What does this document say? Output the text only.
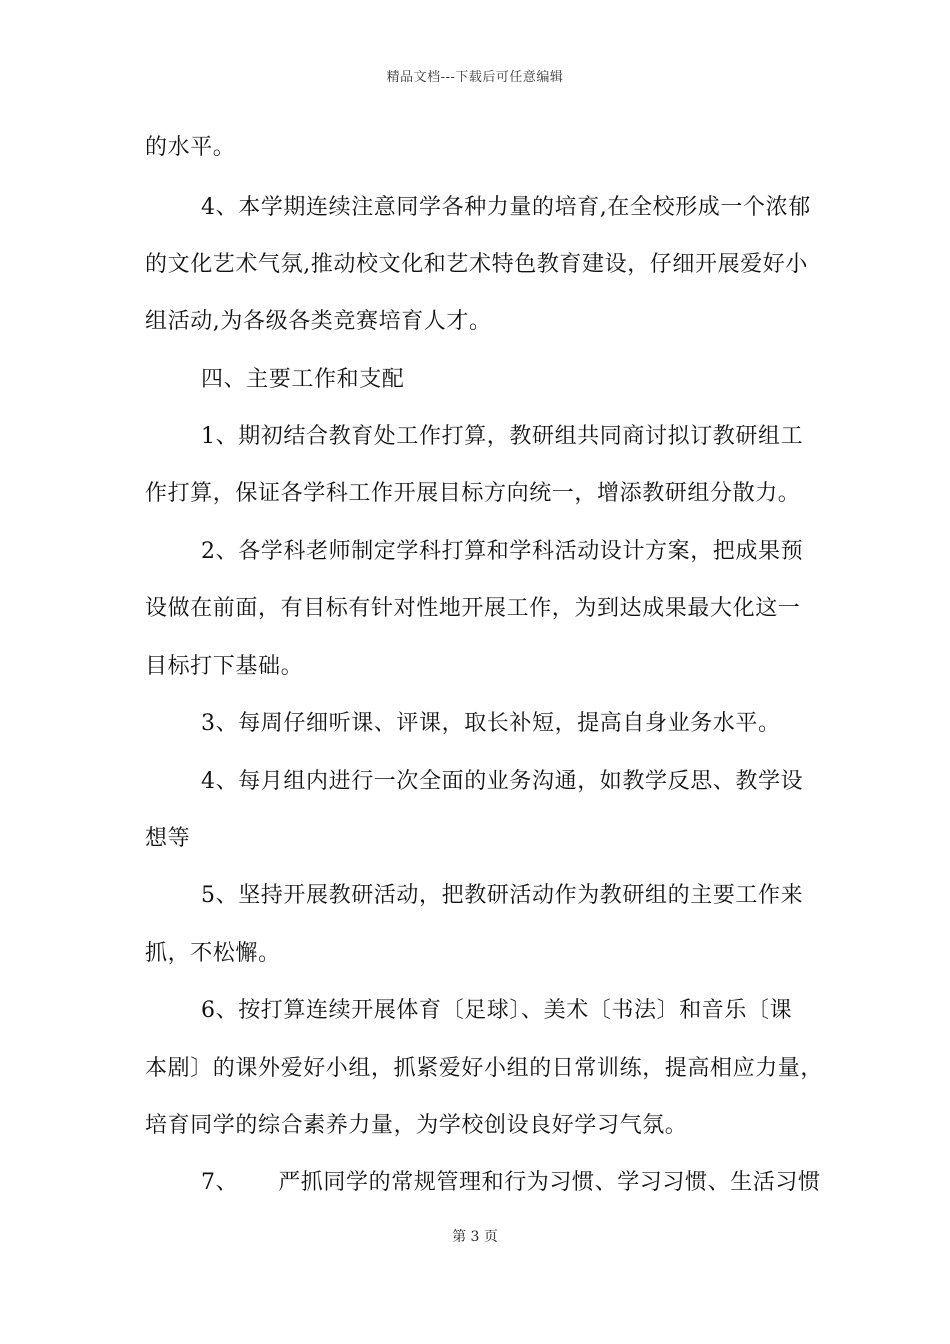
精品文档---下载后可任意编辑
的水平。
4、本学期连续注意同学各种力量的培育,在全校形成一个浓郁
的文化艺术气氛,推动校文化和艺术特色教育建设，仔细开展爱好小
组活动,为各级各类竞赛培育人才。
四、主要工作和支配
1、期初结合教育处工作打算，教研组共同商讨拟订教研组工
作打算，保证各学科工作开展目标方向统一，增添教研组分散力。
2、各学科老师制定学科打算和学科活动设计方案，把成果预
设做在前面，有目标有针对性地开展工作，为到达成果最大化这一
目标打下基础。
3、每周仔细听课、评课，取长补短，提高自身业务水平。
4、每月组内进行一次全面的业务沟通，如教学反思、教学设
想等
5、坚持开展教研活动，把教研活动作为教研组的主要工作来
抓，不松懈。
6、按打算连续开展体育〔足球〕、美术〔书法〕和音乐〔课
本剧〕的课外爱好小组，抓紧爱好小组的日常训练，提高相应力量，
培育同学的综合素养力量，为学校创设良好学习气氛。
7、 严抓同学的常规管理和行为习惯、学习习惯、生活习惯
第 3 页
